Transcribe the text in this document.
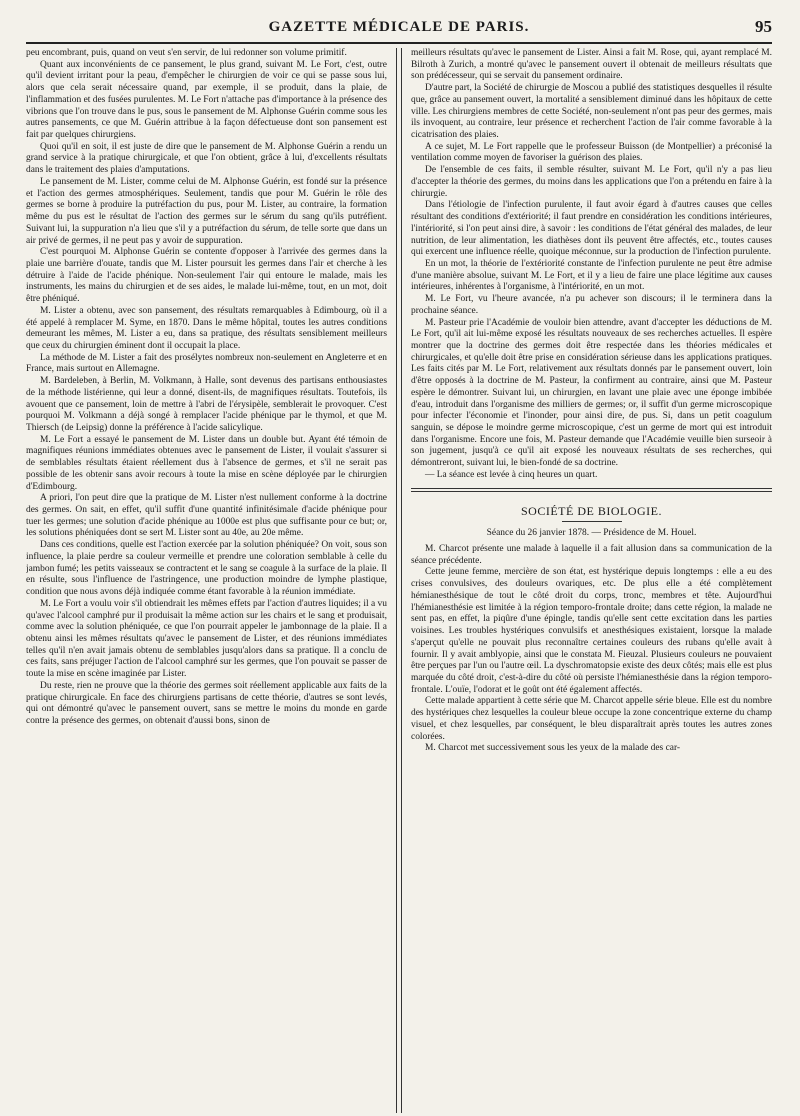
GAZETTE MÉDICALE DE PARIS.	95

peu encombrant, puis, quand on veut s'en servir, de lui redonner son volume primitif.

Quant aux inconvénients de ce pansement, le plus grand, suivant M. Le Fort, c'est, outre qu'il devient irritant pour la peau, d'empêcher le chirurgien de voir ce qui se passe sous lui, alors que cela serait nécessaire quand, par exemple, il se produit, dans la plaie, de l'inflammation et des fusées purulentes. M. Le Fort n'attache pas d'importance à la présence des vibrions que l'on trouve dans le pus, sous le pansement de M. Alphonse Guérin comme sous les autres pansements, ce que M. Guérin attribue à la façon défectueuse dont son pansement est fait par quelques chirurgiens.

Quoi qu'il en soit, il est juste de dire que le pansement de M. Alphonse Guérin a rendu un grand service à la pratique chirurgicale, et que l'on obtient, grâce à lui, d'excellents résultats dans le traitement des plaies d'amputations.

Le pansement de M. Lister, comme celui de M. Alphonse Guérin, est fondé sur la présence et l'action des germes atmosphériques. Seulement, tandis que pour M. Guérin le rôle des germes se borne à produire la putréfaction du pus, pour M. Lister, au contraire, la formation même du pus est le résultat de l'action des germes sur le sérum du sang qu'ils putréfient. Suivant lui, la suppuration n'a lieu que s'il y a putréfaction du sérum, de telle sorte que dans un air privé de germes, il ne peut pas y avoir de suppuration.

C'est pourquoi M. Alphonse Guérin se contente d'opposer à l'arrivée des germes dans la plaie une barrière d'ouate, tandis que M. Lister poursuit les germes dans l'air et cherche à les détruire à l'aide de l'acide phénique. Non-seulement l'air qui entoure le malade, mais les instruments, les mains du chirurgien et de ses aides, le malade lui-même, tout, en un mot, doit être phéniqué.

M. Lister a obtenu, avec son pansement, des résultats remarquables à Edimbourg, où il a été appelé à remplacer M. Syme, en 1870. Dans le même hôpital, toutes les autres conditions demeurant les mêmes, M. Lister a eu, dans sa pratique, des résultats sensiblement meilleurs que ceux du chirurgien éminent dont il occupait la place.

La méthode de M. Lister a fait des prosélytes nombreux non-seulement en Angleterre et en France, mais surtout en Allemagne.

M. Bardeleben, à Berlin, M. Volkmann, à Halle, sont devenus des partisans enthousiastes de la méthode listérienne, qui leur a donné, disent-ils, de magnifiques résultats. Toutefois, ils avouent que ce pansement, loin de mettre à l'abri de l'érysipèle, semblerait le provoquer. C'est pourquoi M. Volkmann a déjà songé à remplacer l'acide phénique par le thymol, et que M. Thiersch (de Leipsig) donne la préférence à l'acide salicylique.

M. Le Fort a essayé le pansement de M. Lister dans un double but. Ayant été témoin de magnifiques réunions immédiates obtenues avec le pansement de Lister, il voulait s'assurer si de semblables résultats étaient réellement dus à l'absence de germes, et s'il ne serait pas possible de les obtenir sans avoir recours à toute la mise en scène déployée par le chirurgien d'Edimbourg.

A priori, l'on peut dire que la pratique de M. Lister n'est nullement conforme à la doctrine des germes. On sait, en effet, qu'il suffit d'une quantité infinitésimale d'acide phénique pour tuer les germes; une solution d'acide phénique au 1000e est plus que suffisante pour ce but; or, les solutions phéniquées dont se sert M. Lister sont au 40e, au 20e même.

Dans ces conditions, quelle est l'action exercée par la solution phéniquée? On voit, sous son influence, la plaie perdre sa couleur vermeille et prendre une coloration semblable à celle du jambon fumé; les petits vaisseaux se contractent et le sang se coagule à la surface de la plaie. Il en résulte, sous l'influence de l'astringence, une production moindre de lymphe plastique, condition que nous avons déjà indiquée comme étant favorable à la réunion immédiate.

M. Le Fort a voulu voir s'il obtiendrait les mêmes effets par l'action d'autres liquides; il a vu qu'avec l'alcool camphré pur il produisait la même action sur les chairs et le sang et produisait, comme avec la solution phéniquée, ce que l'on pourrait appeler le jambonnage de la plaie. Il a obtenu ainsi les mêmes résultats qu'avec le pansement de Lister, et des réunions immédiates telles qu'il n'en avait jamais obtenu de semblables jusqu'alors dans sa pratique. Il a conclu de ces faits, sans préjuger l'action de l'alcool camphré sur les germes, que l'on pouvait se passer de toute la mise en scène imaginée par Lister.

Du reste, rien ne prouve que la théorie des germes soit réellement applicable aux faits de la pratique chirurgicale. En face des chirurgiens partisans de cette théorie, d'autres se sont levés, qui ont démontré qu'avec le pansement ouvert, sans se mettre le moins du monde en garde contre la présence des germes, on obtenait d'aussi bons, sinon de

meilleurs résultats qu'avec le pansement de Lister. Ainsi a fait M. Rose, qui, ayant remplacé M. Bilroth à Zurich, a montré qu'avec le pansement ouvert il obtenait de meilleurs résultats que son prédécesseur, qui se servait du pansement ordinaire.

D'autre part, la Société de chirurgie de Moscou a publié des statistiques desquelles il résulte que, grâce au pansement ouvert, la mortalité a sensiblement diminué dans les hôpitaux de cette ville. Les chirurgiens membres de cette Société, non-seulement n'ont pas peur des germes, mais ils invoquent, au contraire, leur présence et recherchent l'action de l'air comme favorable à la cicatrisation des plaies.

A ce sujet, M. Le Fort rappelle que le professeur Buisson (de Montpellier) a préconisé la ventilation comme moyen de favoriser la guérison des plaies.

De l'ensemble de ces faits, il semble résulter, suivant M. Le Fort, qu'il n'y a pas lieu d'accepter la théorie des germes, du moins dans les applications que l'on a prétendu en faire à la chirurgie.

Dans l'étiologie de l'infection purulente, il faut avoir égard à d'autres causes que celles résultant des conditions d'extériorité; il faut prendre en considération les conditions intérieures, l'intériorité, si l'on peut ainsi dire, à savoir : les conditions de l'état général des malades, de leur nutrition, de leur alimentation, les diathèses dont ils peuvent être affectés, etc., toutes causes qui exercent une influence réelle, quoique méconnue, sur la production de l'infection purulente.

En un mot, la théorie de l'extériorité constante de l'infection purulente ne peut être admise d'une manière absolue, suivant M. Le Fort, et il y a lieu de faire une place légitime aux causes intérieures, inhérentes à l'organisme, à l'intériorité, en un mot.

M. Le Fort, vu l'heure avancée, n'a pu achever son discours; il le terminera dans la prochaine séance.

M. Pasteur prie l'Académie de vouloir bien attendre, avant d'accepter les déductions de M. Le Fort, qu'il ait lui-même exposé les résultats nouveaux de ses recherches actuelles. Il espère montrer que la doctrine des germes doit être respectée dans les théories médicales et chirurgicales, et qu'elle doit être prise en considération sérieuse dans les applications pratiques. Les faits cités par M. Le Fort, relativement aux résultats donnés par le pansement ouvert, loin d'être opposés à la doctrine de M. Pasteur, la confirment au contraire, ainsi que M. Pasteur espère le démontrer. Suivant lui, un chirurgien, en lavant une plaie avec une éponge imbibée d'eau, introduit dans l'organisme des milliers de germes; or, il suffit d'un germe microscopique pour infecter l'économie et l'inonder, pour ainsi dire, de pus. Si, dans un petit coagulum sanguin, se dépose le moindre germe microscopique, c'est un germe de mort qui est introduit dans l'organisme. Encore une fois, M. Pasteur demande que l'Académie veuille bien surseoir à son jugement, jusqu'à ce qu'il ait exposé les nouveaux résultats de ses recherches, qui démontreront, suivant lui, le bien-fondé de sa doctrine.

— La séance est levée à cinq heures un quart.

SOCIÉTÉ DE BIOLOGIE.
Séance du 26 janvier 1878. — Présidence de M. Houel.

M. Charcot présente une malade à laquelle il a fait allusion dans sa communication de la séance précédente.

Cette jeune femme, mercière de son état, est hystérique depuis longtemps : elle a eu des crises convulsives, des douleurs ovariques, etc. De plus elle a été complètement hémianesthésique de tout le côté droit du corps, tronc, membres et tête. Aujourd'hui l'hémianesthésie est limitée à la région temporo-frontale droite; dans cette région, la malade ne sent pas, en effet, la piqûre d'une épingle, tandis qu'elle sent cette excitation dans les parties voisines. Les troubles hystériques convulsifs et anesthésiques existaient, lorsque la malade s'aperçut qu'elle ne pouvait plus reconnaître certaines couleurs des rubans qu'elle avait à fournir. Il y avait amblyopie, ainsi que le constata M. Fieuzal. Plusieurs couleurs ne pouvaient être perçues par l'un ou l'autre œil. La dyschromatopsie existe des deux côtés; mais elle est plus marquée du côté droit, c'est-à-dire du côté où persiste l'hémianesthésie dans la région temporo-frontale. L'ouïe, l'odorat et le goût ont été également affectés.

Cette malade appartient à cette série que M. Charcot appelle série bleue. Elle est du nombre des hystériques chez lesquelles la couleur bleue occupe la zone concentrique externe du champ visuel, et chez lesquelles, par conséquent, le bleu disparaîtrait après toutes les autres zones colorées.

M. Charcot met successivement sous les yeux de la malade des car-
